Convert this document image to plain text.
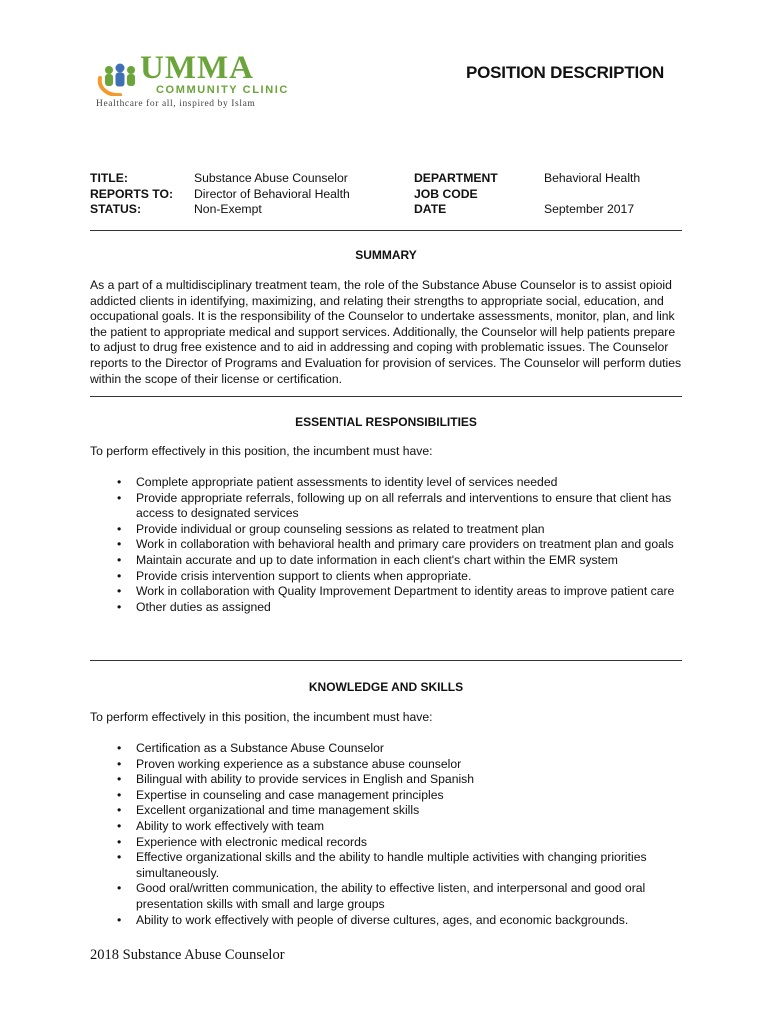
UMMA
COMMUNITY CLINIC
Healthcare for all, inspired by Islam
POSITION DESCRIPTION
TITLE:
REPORTS TO:
STATUS:
Substance Abuse Counselor
Director of Behavioral Health
Non-Exempt
DEPARTMENT
JOB CODE
DATE
Behavioral Health
September 2017
SUMMARY
As a part of a multidisciplinary treatment team, the role of the Substance Abuse Counselor is to assist opioid addicted clients in identifying, maximizing, and relating their strengths to appropriate social, education, and occupational goals. It is the responsibility of the Counselor to undertake assessments, monitor, plan, and link the patient to appropriate medical and support services. Additionally, the Counselor will help patients prepare to adjust to drug free existence and to aid in addressing and coping with problematic issues. The Counselor reports to the Director of Programs and Evaluation for provision of services. The Counselor will perform duties within the scope of their license or certification.
ESSENTIAL RESPONSIBILITIES
To perform effectively in this position, the incumbent must have:
• Complete appropriate patient assessments to identity level of services needed
• Provide appropriate referrals, following up on all referrals and interventions to ensure that client has access to designated services
• Provide individual or group counseling sessions as related to treatment plan
• Work in collaboration with behavioral health and primary care providers on treatment plan and goals
• Maintain accurate and up to date information in each client's chart within the EMR system
• Provide crisis intervention support to clients when appropriate.
• Work in collaboration with Quality Improvement Department to identity areas to improve patient care
• Other duties as assigned
KNOWLEDGE AND SKILLS
To perform effectively in this position, the incumbent must have:
• Certification as a Substance Abuse Counselor
• Proven working experience as a substance abuse counselor
• Bilingual with ability to provide services in English and Spanish
• Expertise in counseling and case management principles
• Excellent organizational and time management skills
• Ability to work effectively with team
• Experience with electronic medical records
• Effective organizational skills and the ability to handle multiple activities with changing priorities simultaneously.
• Good oral/written communication, the ability to effective listen, and interpersonal and good oral presentation skills with small and large groups
• Ability to work effectively with people of diverse cultures, ages, and economic backgrounds.
2018 Substance Abuse Counselor
